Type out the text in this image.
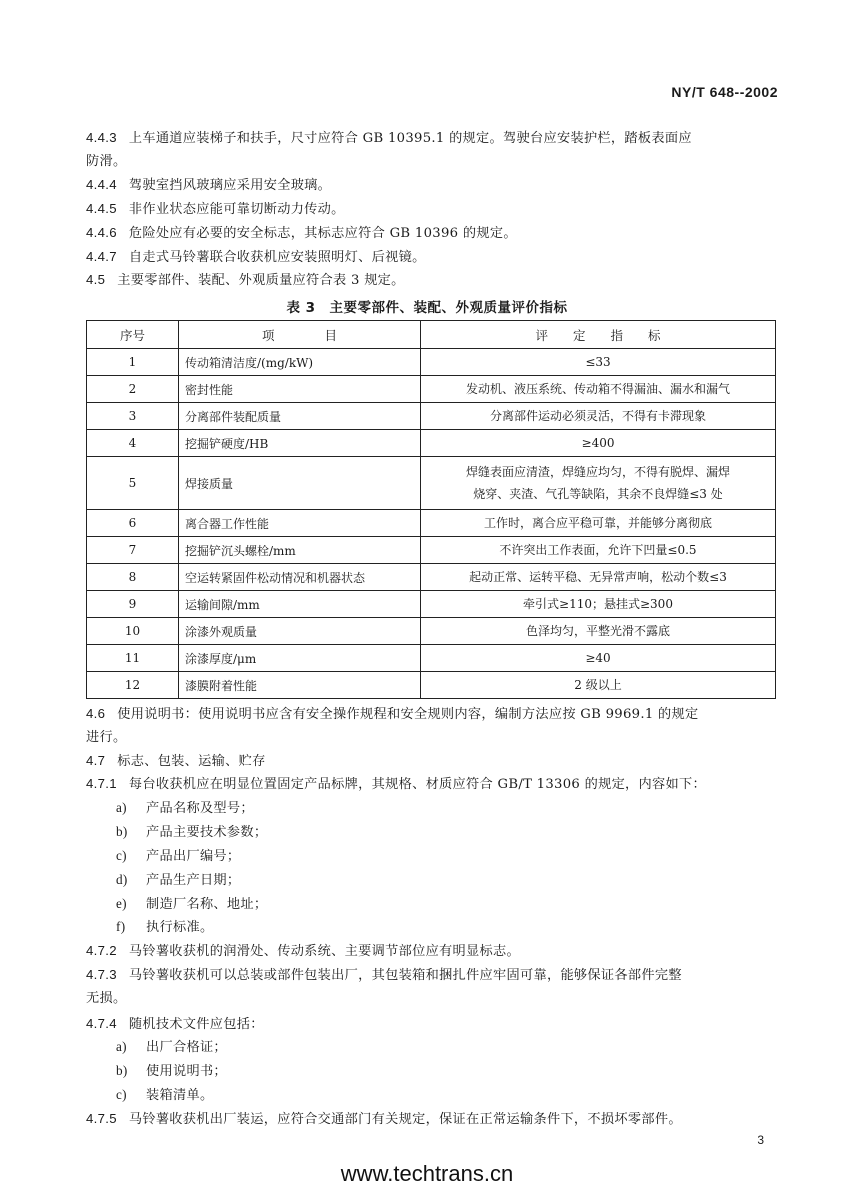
NY/T 648--2002
4.4.3 上车通道应装梯子和扶手，尺寸应符合 GB 10395.1 的规定。驾驶台应安装护栏，踏板表面应
防滑。
4.4.4 驾驶室挡风玻璃应采用安全玻璃。
4.4.5 非作业状态应能可靠切断动力传动。
4.4.6 危险处应有必要的安全标志，其标志应符合 GB 10396 的规定。
4.4.7 自走式马铃薯联合收获机应安装照明灯、后视镜。
4.5 主要零部件、装配、外观质量应符合表 3 规定。
表 3　主要零部件、装配、外观质量评价指标
序号	项　　　　目	评　　定　　指　　标
1	传动箱清洁度/(mg/kW)	≤33

2	密封性能	发动机、液压系统、传动箱不得漏油、漏水和漏气

3	分离部件装配质量	分离部件运动必须灵活，不得有卡滞现象

4	挖掘铲硬度/HB	≥400

5	焊接质量	焊缝表面应清渣，焊缝应均匀，不得有脱焊、漏焊
烧穿、夹渣、气孔等缺陷，其余不良焊缝≤3 处

6	离合器工作性能	工作时，离合应平稳可靠，并能够分离彻底

7	挖掘铲沉头螺栓/mm	不许突出工作表面，允许下凹量≤0.5

8	空运转紧固件松动情况和机器状态	起动正常、运转平稳、无异常声响，松动个数≤3

9	运输间隙/mm	牵引式≥110；悬挂式≥300

10	涂漆外观质量	色泽均匀，平整光滑不露底

11	涂漆厚度/μm	≥40

12	漆膜附着性能	2 级以上
4.6 使用说明书：使用说明书应含有安全操作规程和安全规则内容，编制方法应按 GB 9969.1 的规定
进行。
4.7 标志、包装、运输、贮存
4.7.1 每台收获机应在明显位置固定产品标牌，其规格、材质应符合 GB/T 13306 的规定，内容如下：
a) 产品名称及型号；
b) 产品主要技术参数；
c) 产品出厂编号；
d) 产品生产日期；
e) 制造厂名称、地址；
f) 执行标准。
4.7.2 马铃薯收获机的润滑处、传动系统、主要调节部位应有明显标志。
4.7.3 马铃薯收获机可以总装或部件包装出厂，其包装箱和捆扎件应牢固可靠，能够保证各部件完整
无损。
4.7.4 随机技术文件应包括：
a) 出厂合格证；
b) 使用说明书；
c) 装箱清单。
4.7.5 马铃薯收获机出厂装运，应符合交通部门有关规定，保证在正常运输条件下，不损坏零部件。
3
www.techtrans.cn
